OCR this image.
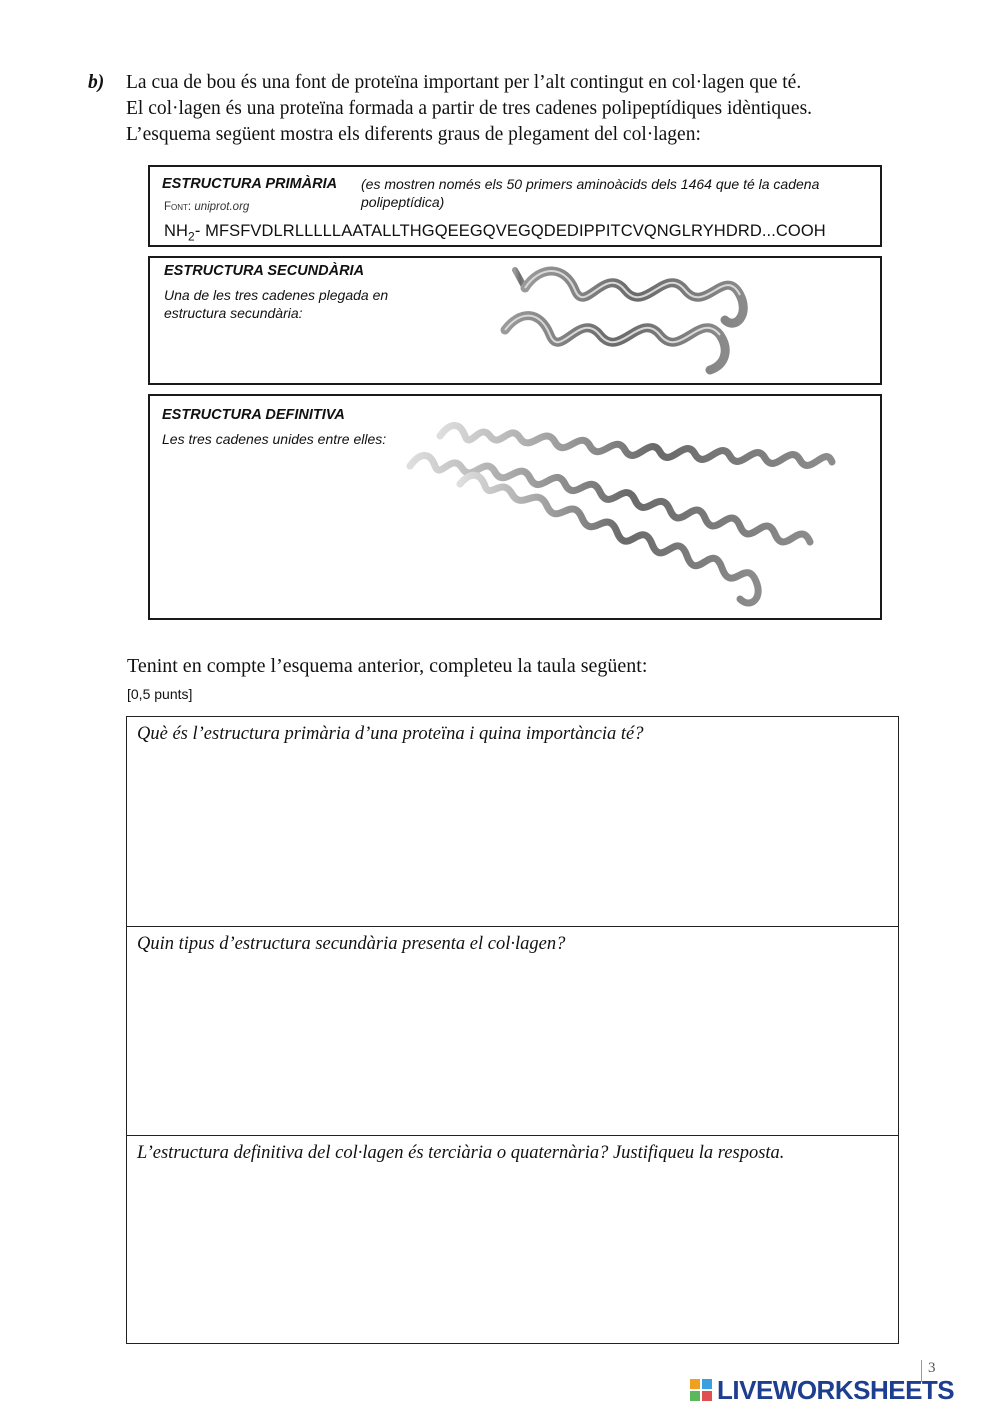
b) La cua de bou és una font de proteïna important per l’alt contingut en col·lagen que té.
El col·lagen és una proteïna formada a partir de tres cadenes polipeptídiques idèntiques.
L’esquema següent mostra els diferents graus de plegament del col·lagen:
ESTRUCTURA PRIMÀRIA (es mostren només els 50 primers aminoàcids dels 1464 que té la cadena polipeptídica)
Font: uniprot.org
$NH_2-$ MFSFVDLRLLLLLAATALLTHGQEEGQVEGQDEDIPPITCVQNGLRYHDRD...COOH
ESTRUCTURA SECUNDÀRIA
Una de les tres cadenes plegada en estructura secundària:
ESTRUCTURA DEFINITIVA
Les tres cadenes unides entre elles:
Tenint en compte l’esquema anterior, completeu la taula següent:
[0,5 punts]
Què és l’estructura primària d’una proteïna i quina importància té?
Quin tipus d’estructura secundària presenta el col·lagen?
L’estructura definitiva del col·lagen és terciària o quaternària? Justifiqueu la resposta.
3
LIVEWORKSHEETS
